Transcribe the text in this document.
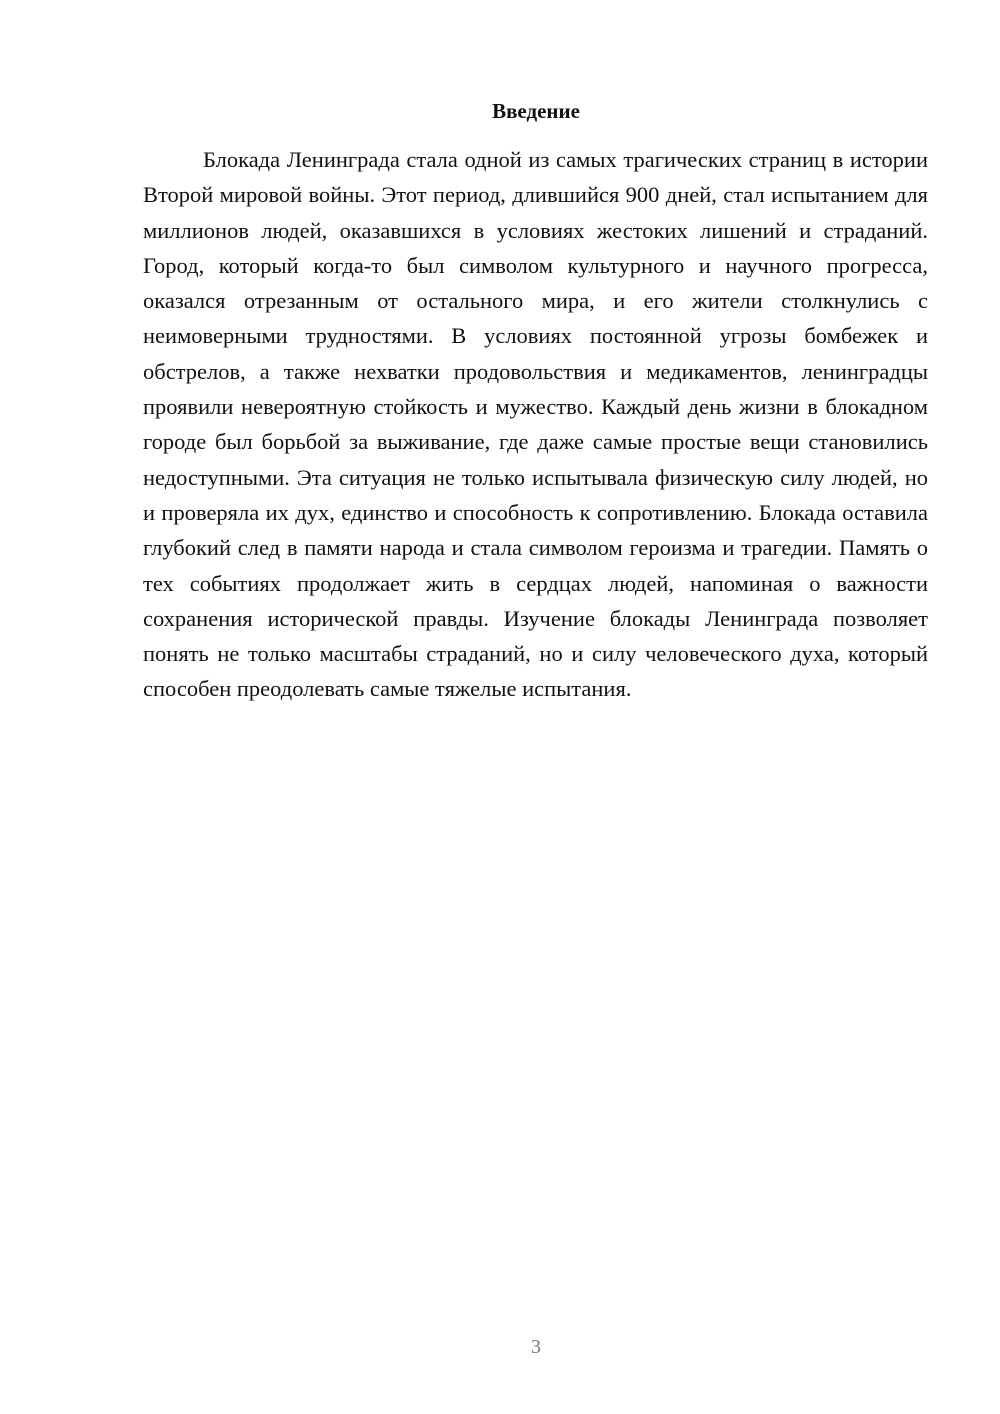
Введение

Блокада Ленинграда стала одной из самых трагических страниц в истории Второй мировой войны. Этот период, длившийся 900 дней, стал испытанием для миллионов людей, оказавшихся в условиях жестоких лишений и страданий. Город, который когда-то был символом культурного и научного прогресса, оказался отрезанным от остального мира, и его жители столкнулись с неимоверными трудностями. В условиях постоянной угрозы бомбежек и обстрелов, а также нехватки продовольствия и медикаментов, ленинградцы проявили невероятную стойкость и мужество. Каждый день жизни в блокадном городе был борьбой за выживание, где даже самые простые вещи становились недоступными. Эта ситуация не только испытывала физическую силу людей, но и проверяла их дух, единство и способность к сопротивлению. Блокада оставила глубокий след в памяти народа и стала символом героизма и трагедии. Память о тех событиях продолжает жить в сердцах людей, напоминая о важности сохранения исторической правды. Изучение блокады Ленинграда позволяет понять не только масштабы страданий, но и силу человеческого духа, который способен преодолевать самые тяжелые испытания.

3
